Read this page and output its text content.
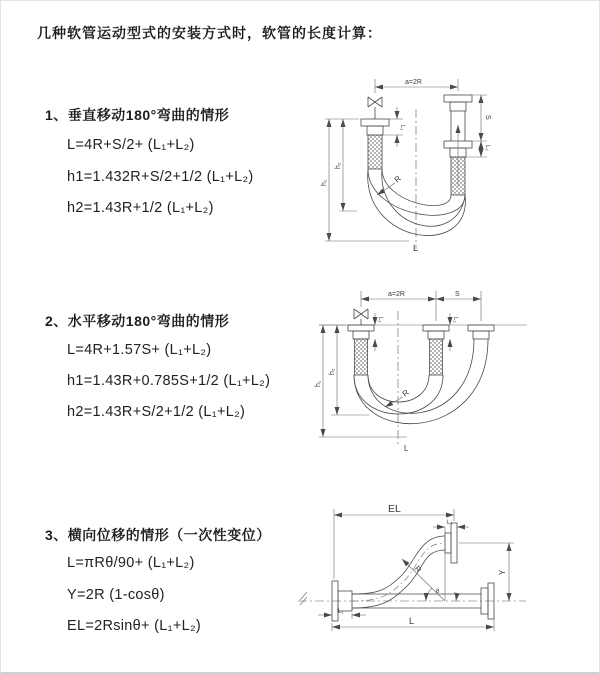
几种软管运动型式的安装方式时，软管的长度计算：
1、垂直移动180°弯曲的情形
L=4R+S/2+ (L₁+L₂)
h1=1.432R+S/2+1/2 (L₁+L₂)
h2=1.43R+1/2 (L₁+L₂)
2、水平移动180°弯曲的情形
L=4R+1.57S+ (L₁+L₂)
h1=1.43R+0.785S+1/2 (L₁+L₂)
h2=1.43R+S/2+1/2 (L₁+L₂)
3、横向位移的情形（一次性变位）
L=πRθ/90+ (L₁+L₂)
Y=2R (1-cosθ)
EL=2Rsinθ+ (L₁+L₂)
a=2R
R
h₂
h₁
L₁
S
L₂
L
a=2R	S
R
h₂
h₁
L₁	L₂
L
EL
L₁
Y
θ
R
L₁
L
